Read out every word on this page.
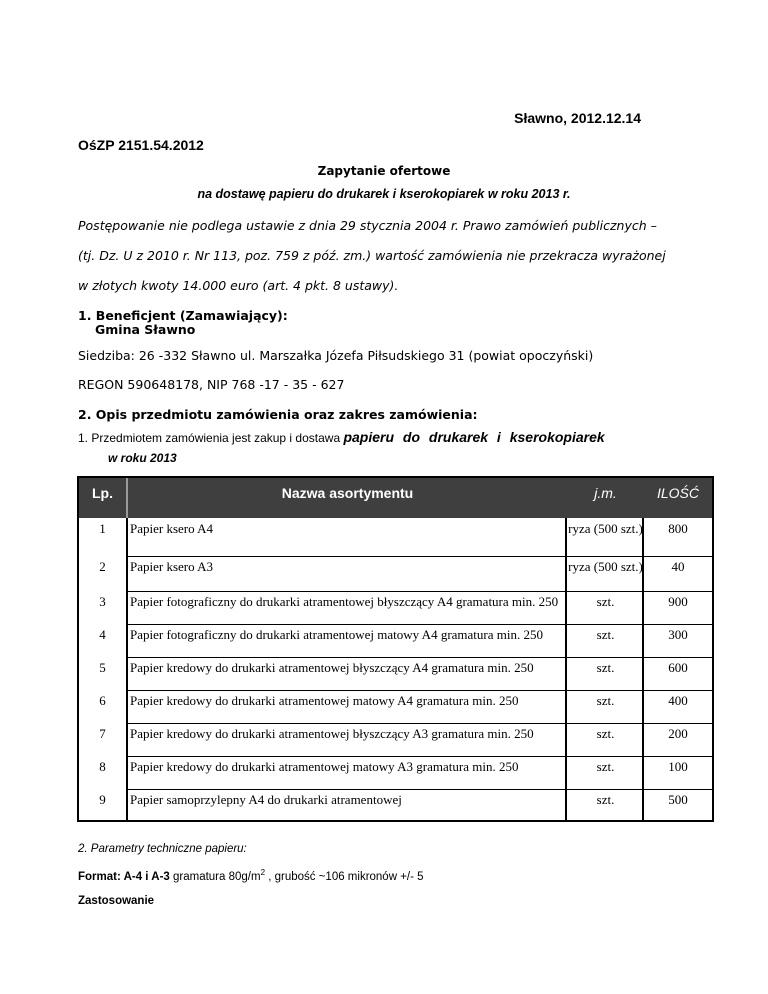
Sławno, 2012.12.14
OśZP 2151.54.2012
Zapytanie ofertowe
na dostawę papieru do drukarek i kserokopiarek w roku 2013 r.
Postępowanie nie podlega ustawie z dnia 29 stycznia 2004 r. Prawo zamówień publicznych –
(tj. Dz. U z 2010 r. Nr 113, poz. 759 z póź. zm.) wartość zamówienia nie przekracza wyrażonej
w złotych kwoty 14.000 euro (art. 4 pkt. 8 ustawy).
1. Beneficjent (Zamawiający):
Gmina Sławno
Siedziba: 26 -332 Sławno ul. Marszałka Józefa Piłsudskiego 31 (powiat opoczyński)
REGON 590648178, NIP 768 -17 - 35 - 627
2. Opis przedmiotu zamówienia oraz zakres zamówienia:
1. Przedmiotem zamówienia jest zakup i dostawa papieru do drukarek i kserokopiarek
w roku 2013
Lp.	Nazwa asortymentu	j.m.	ILOŚĆ
1	Papier ksero A4	ryza (500 szt.)	800
2	Papier ksero A3	ryza (500 szt.)	40
3	Papier fotograficzny do drukarki atramentowej błyszczący A4 gramatura min. 250	szt.	900
4	Papier fotograficzny do drukarki atramentowej matowy A4 gramatura min. 250	szt.	300
5	Papier kredowy do drukarki atramentowej błyszczący A4 gramatura min. 250	szt.	600
6	Papier kredowy do drukarki atramentowej matowy A4 gramatura min. 250	szt.	400
7	Papier kredowy do drukarki atramentowej błyszczący A3 gramatura min. 250	szt.	200
8	Papier kredowy do drukarki atramentowej matowy A3 gramatura min. 250	szt.	100
9	Papier samoprzylepny A4 do drukarki atramentowej	szt.	500
2. Parametry techniczne papieru:
Format: A-4 i A-3 gramatura $80g/m^2$ , grubość ~106 mikronów +/- 5
Zastosowanie
